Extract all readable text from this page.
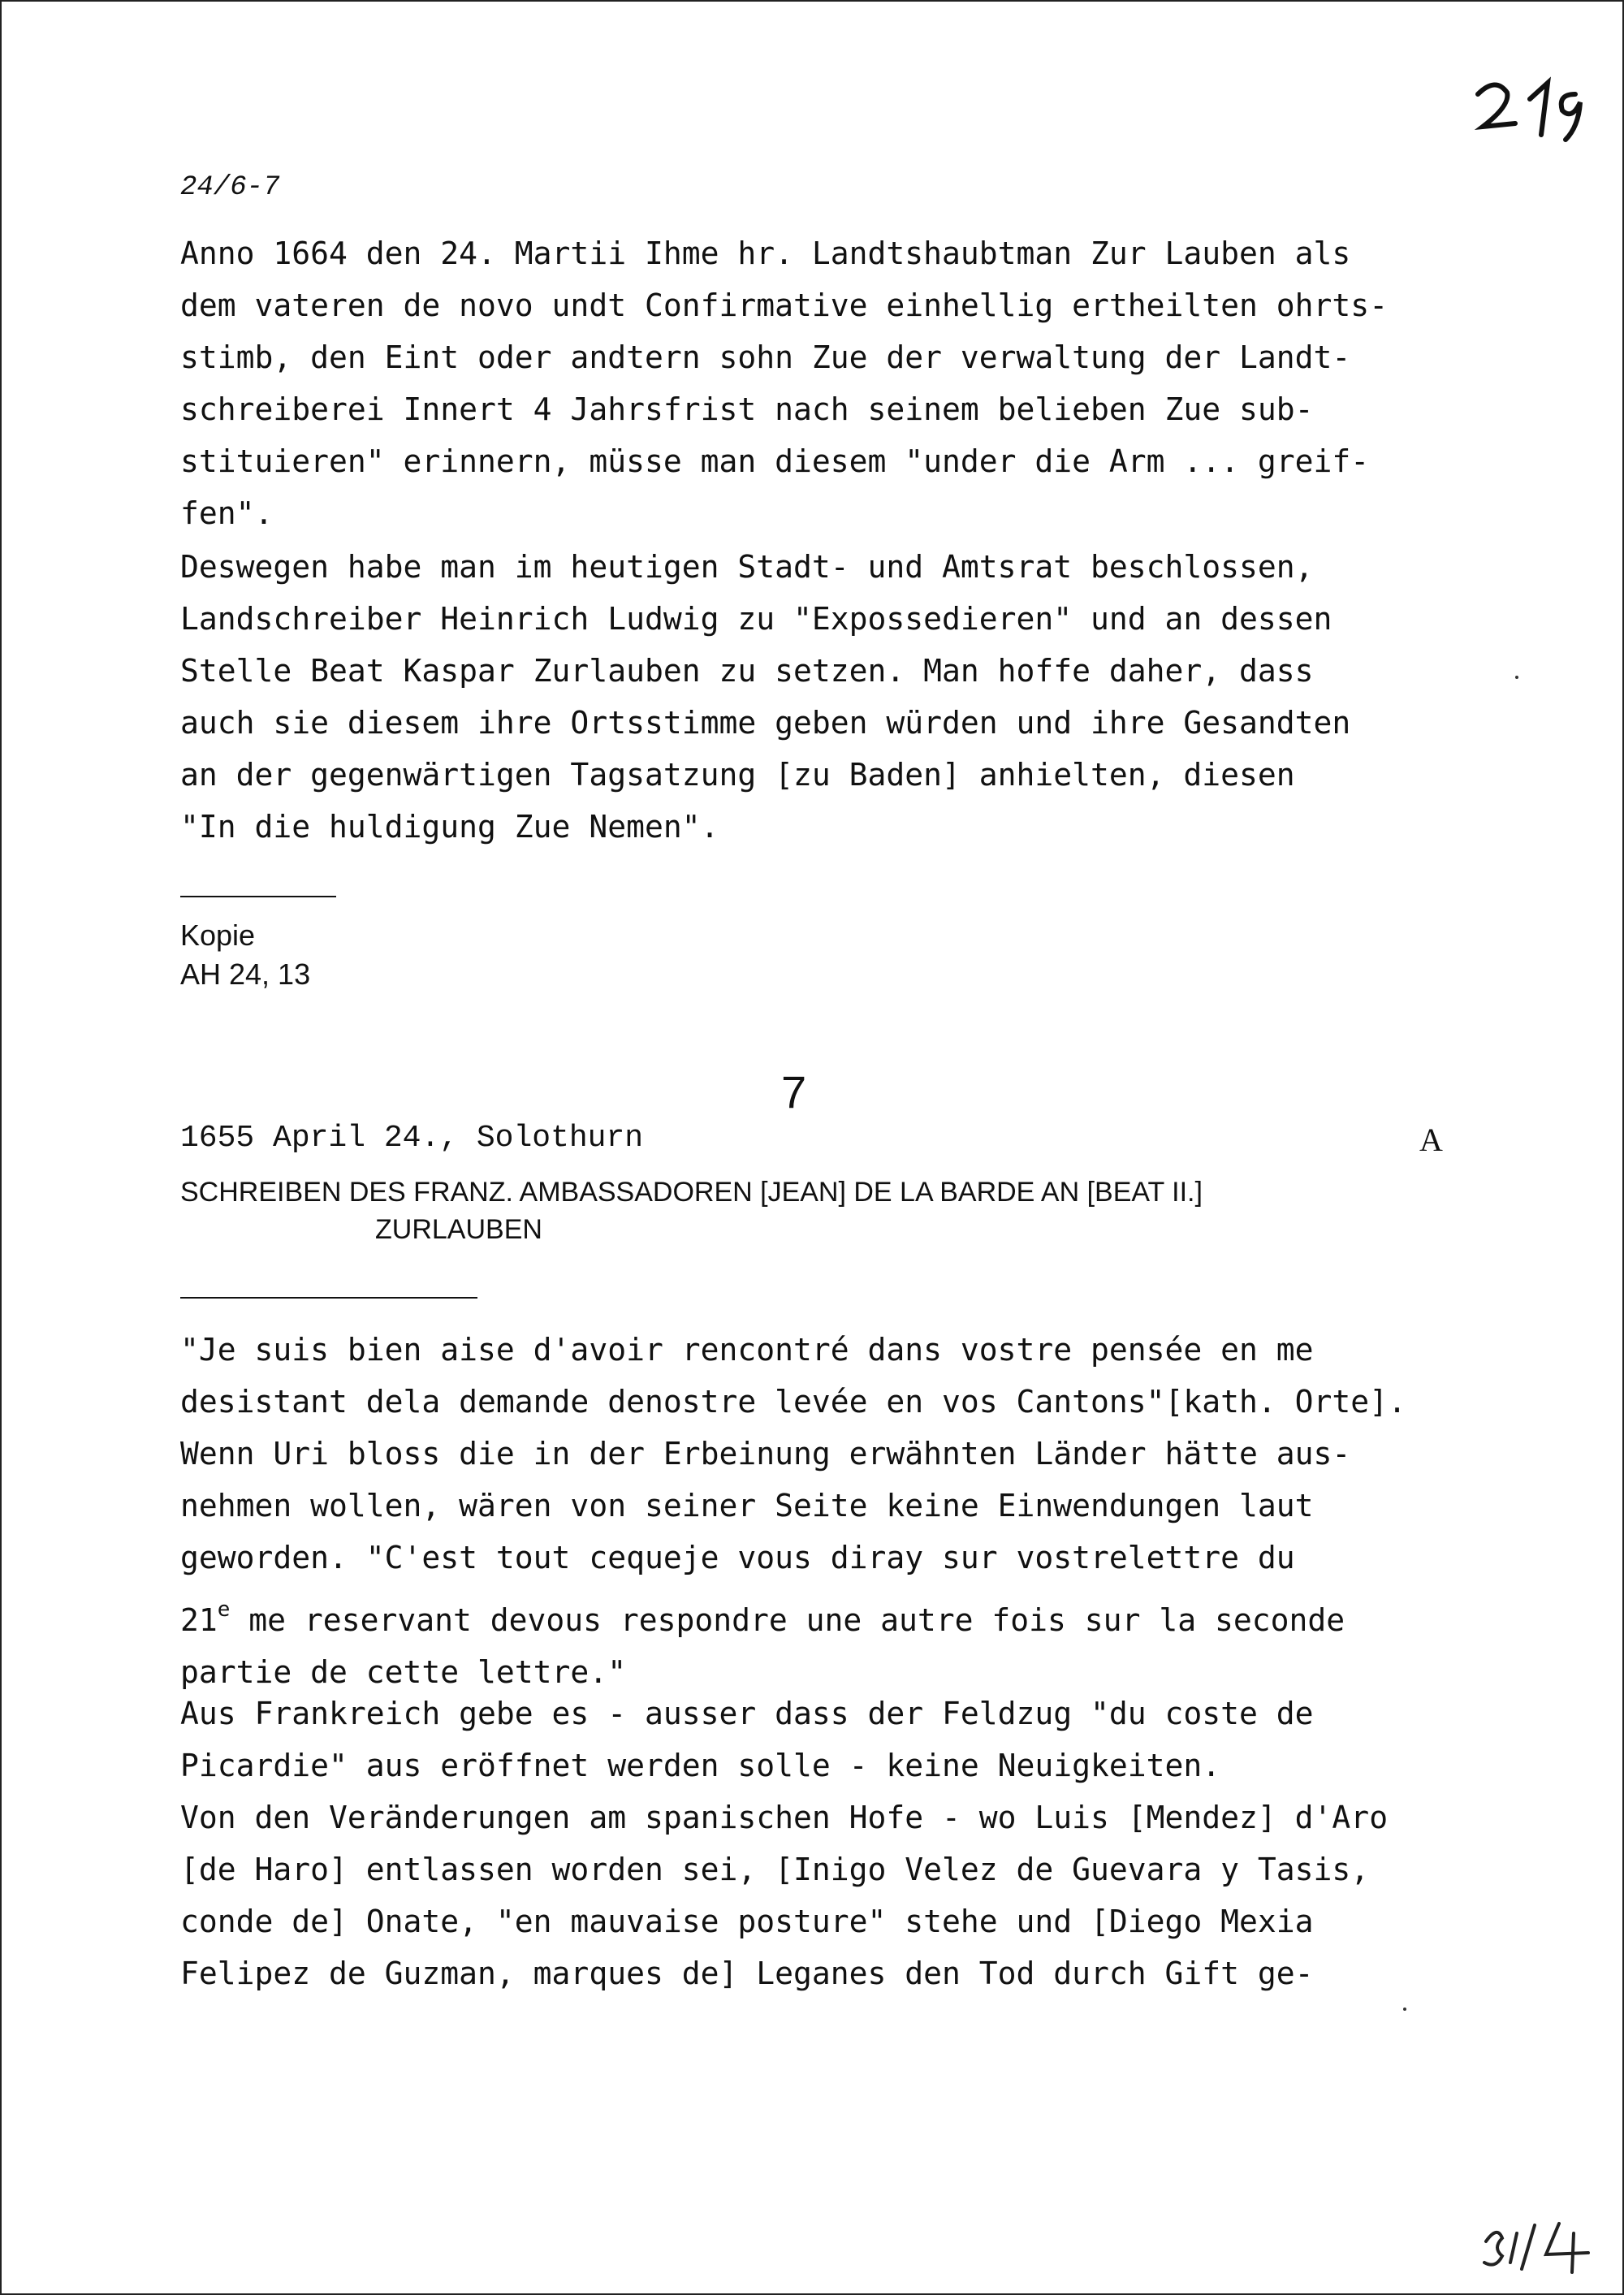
24/6-7
Anno 1664 den 24. Martii Ihme hr. Landtshaubtman Zur Lauben als
dem vateren de novo undt Confirmative einhellig ertheilten ohrts-
stimb, den Eint oder andtern sohn Zue der verwaltung der Landt-
schreiberei Innert 4 Jahrsfrist nach seinem belieben Zue sub-
stituieren" erinnern, müsse man diesem "under die Arm ... greif-
fen".
Deswegen habe man im heutigen Stadt- und Amtsrat beschlossen,
Landschreiber Heinrich Ludwig zu "Expossedieren" und an dessen
Stelle Beat Kaspar Zurlauben zu setzen. Man hoffe daher, dass
auch sie diesem ihre Ortsstimme geben würden und ihre Gesandten
an der gegenwärtigen Tagsatzung [zu Baden] anhielten, diesen
"In die huldigung Zue Nemen".
Kopie
AH 24, 13
7
1655 April 24., Solothurn	A
SCHREIBEN DES FRANZ. AMBASSADOREN [JEAN] DE LA BARDE AN [BEAT II.]
ZURLAUBEN
"Je suis bien aise d'avoir rencontré dans vostre pensée en me
desistant dela demande denostre levée en vos Cantons"[kath. Orte].
Wenn Uri bloss die in der Erbeinung erwähnten Länder hätte aus-
nehmen wollen, wären von seiner Seite keine Einwendungen laut
geworden. "C'est tout cequeje vous diray sur vostrelettre du
21e me reservant devous respondre une autre fois sur la seconde
partie de cette lettre."
Aus Frankreich gebe es - ausser dass der Feldzug "du coste de
Picardie" aus eröffnet werden solle - keine Neuigkeiten.
Von den Veränderungen am spanischen Hofe - wo Luis [Mendez] d'Aro
[de Haro] entlassen worden sei, [Inigo Velez de Guevara y Tasis,
conde de] Onate, "en mauvaise posture" stehe und [Diego Mexia
Felipez de Guzman, marques de] Leganes den Tod durch Gift ge-
